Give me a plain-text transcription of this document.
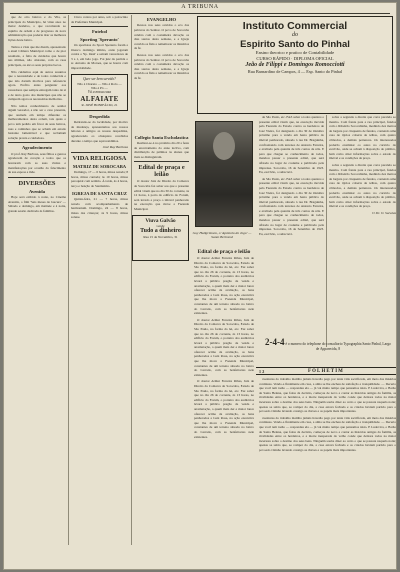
A TRIBUNA

que de oito bairros e da Vila, as principais do Município, há vinte anos no maior desleixo, o que recomenda ao espírito de ordem e de progresso da nova administração que poderia tirar as melhores lições deste bairro.

Temos a vista que me dizem, apresentado a atual Câmara Municipal como o de pior resultado, a falta de cuidados que houve nas últimas, não obstante, com as ruas principais, ou até os seus próprios becos.

Não cuidamos aqui de outros assuntos que a necessidade e de todos conhecida e que não dariam motivos para referencia agora. Prefiro antes perguntar aos vereadores que sempre entregam tanto de si e de tanto gosto dos munícipes que não se cumprem agora as necessárias melhorias.

Não temos conhecimento de senhor algum vereador, a não ser o caso presente, que assinala em tempo diferente os melhoramentos desta ordem, tais quais o povo tem pedido em favor de seus bairros, ruas e caminhos que se acham em estado bastante lamentável e que reclamam solução pronta e cuidadosa.

Agradecimento

O prof. Ray Barbosa, seus filhos e genros agradecem de coração a todos que os honraram com as suas visitas e manifestações por ocasião do falecimento de sua esposa e mãe.

DIVERSÕES
Avenida

Hoje será exibido à noite, no Cinema Avenida, o film 'Seis meses de loucura' — Sábado e domingo, em matinée e à noite, grande sessão dedicada às famílias.

Cinco contos por anno, sob o patrocínio da Prefeitura Municipal.

Futebol
Sporting 'Speranto'

Os sportistas do Sport Speranto foram a Osasco domingo último, onde jogaram contra o 'Sp. Ideal' e saíram vencedores de 3 a 1, em belo jogo. Foi juiz da partida o sr. Antonio de Moraes, que se houve com imparcialidade.

Quer ser bem servido?
Não é Charuto — Não é Rolo — Não é Pó —
Vá a nossa casa
ALFAIATE
R. JOSÉ BONIFÁCIO, 21
Despedida

Retirando-se da localidade, por motivo de mudança, apresentamos aos nossos leitores e amigos as nossas despedidas, agradecendo os obséquios recebidos durante o tempo que aqui residimos.

José Ray Barbosa
VIDA RELIGIOSA
MATRIZ DE SOROCABA

Domingo, 17 — 6 horas, missa rezada; 8 horas, missa cantada; às 10 horas, missa paroquial com sermão. À tarde, às 4 horas, terço e benção do Santíssimo.

IGREJA DE SANTA CRUZ

Quinta-feira, 21 — 7 horas, missa rezada com acompanhamento de harmonium. Domingo, 24 — 8 horas, missa das crianças; às 9 horas, missa solene.

EVANGELHO

Ressoa nos seus ouvidos o eco das palavras do Senhor. O povo de Sorocaba celebra com a costumeira devoção os dias santos desta semana, e a Igreja convida os fiéis a rememorar os mistérios da fé.

Ressoa nos seus ouvidos o eco das palavras do Senhor. O povo de Sorocaba celebra com a costumeira devoção os dias santos desta semana, e a Igreja convida os fiéis a rememorar os mistérios da fé.

Collegio Santa Escholastica

Realizar-se-á no próximo dia 20 a festa de encerramento do anno lectivo, com distribuição de prêmios às alunas que mais se distinguiram.

Edital de praça e leilão

O doutor Juiz de Direito da Comarca de Sorocaba faz saber aos que o presente edital virem que no dia 30 do corrente, às 12 horas, à porta do edifício do Forum, será levado a praça o imóvel penhorado na execução que move a Fazenda Municipal.

Viuva Galvão
vende
Tudo a dinheiro
Rua 15 de Novembro, 31
Instituto Commercial
do
Espirito Santo do Pinhal
Ensino theorico e pratico de Contabilidade
CURSO RÁPIDO · DIPLOMA OFICIAL
Jeão de Filippi e Domingos Romocciotti
Rua Barnardino de Campos, 4 — Esp. Santo do Pinhal
Guy Hallgrimson, o 'Apóstolo do Jogo' — Santo Bertrand

de São Paulo, etc. FAZ saber a todos quantos o presente edital virem que, na execução movida pela Fazenda do Estado contra os herdeiros de José Vieira, foi designado o dia 30 de Outubro próximo para a venda em hasta pública do imóvel penhorado, situado à rua Dr. Braguinha, confrontando com terrenos de Antonio Ferreira, e avaliado pela quantia de três contos de réis. E para que chegue ao conhecimento de todos, mandou passar o presente edital, que será afixado no lugar de costume e publicado pela imprensa. Sorocaba, 16 de Setembro de 1923. Eu, escrivão, o subscrevi.

de São Paulo, etc. FAZ saber a todos quantos o presente edital virem que, na execução movida pela Fazenda do Estado contra os herdeiros de José Vieira, foi designado o dia 30 de Outubro próximo para a venda em hasta pública do imóvel penhorado, situado à rua Dr. Braguinha, confrontando com terrenos de Antonio Ferreira, e avaliado pela quantia de três contos de réis. E para que chegue ao conhecimento de todos, mandou passar o presente edital, que será afixado no lugar de costume e publicado pela imprensa. Sorocaba, 16 de Setembro de 1923. Eu, escrivão, o subscrevi.

sobre a segunda a direita que corre paralela ao mesmo. Com frente para a rua principal, fundos com o Ribeirão Sorocabinha, medindo dez metros de largura por cinquenta de fundos, contendo uma casa de tijolos coberta de telhas, com quatro cômodos, e demais pertences. Os interessados poderão examinar os autos no cartório do escrivão, onde se acham à disposição do público, bem como obter informações sobre o estado do imóvel e as condições da praça.

sobre a segunda a direita que corre paralela ao mesmo. Com frente para a rua principal, fundos com o Ribeirão Sorocabinha, medindo dez metros de largura por cinquenta de fundos, contendo uma casa de tijolos coberta de telhas, com quatro cômodos, e demais pertences. Os interessados poderão examinar os autos no cartório do escrivão, onde se acham à disposição do público, bem como obter informações sobre o estado do imóvel e as condições da praça.

O Dr. O. Saraiva
Edital de praça e leilão

O doutor Arthur Ferreira Ribas, Juiz de Direito da Comarca de Sorocaba, Estado de São Paulo, na forma da lei, etc. Faz saber que no dia 26 do corrente, às 13 horas, no edifício do Forum, o porteiro dos auditórios levará a público pregão de venda e arrematação, a quem mais der e maior lance oferecer acima da avaliação, os bens penhorados a Luiz Rosa, na ação executiva que lhe move a Fazenda Municipal, constantes de um terreno situado no bairro do Cerrado, com as benfeitorias nele existentes.

O doutor Arthur Ferreira Ribas, Juiz de Direito da Comarca de Sorocaba, Estado de São Paulo, na forma da lei, etc. Faz saber que no dia 26 do corrente, às 13 horas, no edifício do Forum, o porteiro dos auditórios levará a público pregão de venda e arrematação, a quem mais der e maior lance oferecer acima da avaliação, os bens penhorados a Luiz Rosa, na ação executiva que lhe move a Fazenda Municipal, constantes de um terreno situado no bairro do Cerrado, com as benfeitorias nele existentes.

O doutor Arthur Ferreira Ribas, Juiz de Direito da Comarca de Sorocaba, Estado de São Paulo, na forma da lei, etc. Faz saber que no dia 26 do corrente, às 13 horas, no edifício do Forum, o porteiro dos auditórios levará a público pregão de venda e arrematação, a quem mais der e maior lance oferecer acima da avaliação, os bens penhorados a Luiz Rosa, na ação executiva que lhe move a Fazenda Municipal, constantes de um terreno situado no bairro do Cerrado, com as benfeitorias nele existentes.

2-4-4 é o numero do telephone do consultorio Typographia Santo Pinhal, Largo de Apparecida, 8
12	FOLHETIM

aventuras do trabalho maldito jamais haverão pago por tanta vida sacrificada, em meio das misérias contínuas. Vendo-a finalmente em casa, a alma se lhe encheu de satisfação e tranquilidade. — Decerto que você tem razão — respondeu ela — já vai muito tempo que pensamos nisto. E Ludovica, o Barão de Santa Helena, que falou da decisão, começou de novo a contar as histórias antigas da família, as rivalidades entre os herdeiros, e a morte inesperada do velho conde que deixara todos na maior incerteza sobre o destino dos seus bens. Ninguém soube dizer ao certo o que se passara naquela noite; apenas se sabia que, ao romper do dia, a casa estava fechada e os criados haviam partido para o povoado vizinho levando consigo as chaves e os papéis mais importantes.

aventuras do trabalho maldito jamais haverão pago por tanta vida sacrificada, em meio das misérias contínuas. Vendo-a finalmente em casa, a alma se lhe encheu de satisfação e tranquilidade. — Decerto que você tem razão — respondeu ela — já vai muito tempo que pensamos nisto. E Ludovica, o Barão de Santa Helena, que falou da decisão, começou de novo a contar as histórias antigas da família, as rivalidades entre os herdeiros, e a morte inesperada do velho conde que deixara todos na maior incerteza sobre o destino dos seus bens. Ninguém soube dizer ao certo o que se passara naquela noite; apenas se sabia que, ao romper do dia, a casa estava fechada e os criados haviam partido para o povoado vizinho levando consigo as chaves e os papéis mais importantes.
